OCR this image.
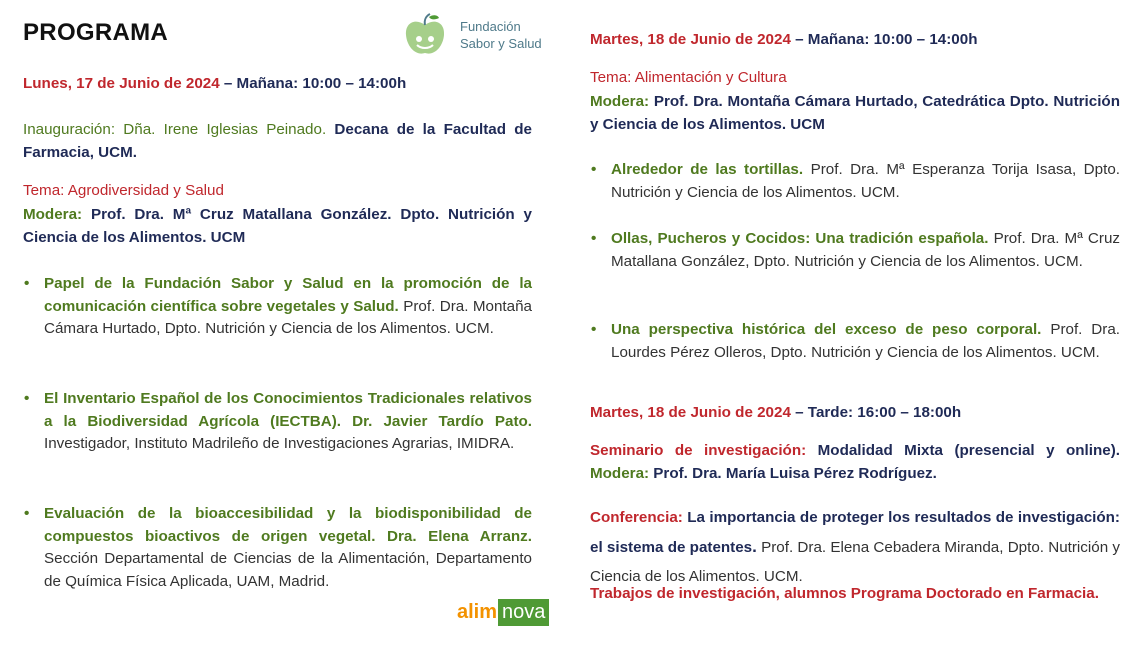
PROGRAMA	Fundación
Sabor y Salud
Lunes, 17 de Junio de 2024 – Mañana: 10:00 – 14:00h
Inauguración: Dña. Irene Iglesias Peinado. Decana de la Facultad de Farmacia, UCM.
Tema: Agrodiversidad y Salud
Modera: Prof. Dra. Mª Cruz Matallana González. Dpto. Nutrición y Ciencia de los Alimentos. UCM
• Papel de la Fundación Sabor y Salud en la promoción de la comunicación científica sobre vegetales y Salud. Prof. Dra. Montaña Cámara Hurtado, Dpto. Nutrición y Ciencia de los Alimentos. UCM.
• El Inventario Español de los Conocimientos Tradicionales relativos a la Biodiversidad Agrícola (IECTBA). Dr. Javier Tardío Pato. Investigador, Instituto Madrileño de Investigaciones Agrarias, IMIDRA.
• Evaluación de la bioaccesibilidad y la biodisponibilidad de compuestos bioactivos de origen vegetal. Dra. Elena Arranz. Sección Departamental de Ciencias de la Alimentación, Departamento de Química Física Aplicada, UAM, Madrid.
alim nova
Martes, 18 de Junio de 2024 – Mañana: 10:00 – 14:00h
Tema: Alimentación y Cultura
Modera: Prof. Dra. Montaña Cámara Hurtado, Catedrática Dpto. Nutrición y Ciencia de los Alimentos. UCM
• Alrededor de las tortillas. Prof. Dra. Mª Esperanza Torija Isasa, Dpto. Nutrición y Ciencia de los Alimentos. UCM.
• Ollas, Pucheros y Cocidos: Una tradición española. Prof. Dra. Mª Cruz Matallana González, Dpto. Nutrición y Ciencia de los Alimentos. UCM.
• Una perspectiva histórica del exceso de peso corporal. Prof. Dra. Lourdes Pérez Olleros, Dpto. Nutrición y Ciencia de los Alimentos. UCM.
Martes, 18 de Junio de 2024 – Tarde: 16:00 – 18:00h
Seminario de investigación: Modalidad Mixta (presencial y online). Modera: Prof. Dra. María Luisa Pérez Rodríguez.
Conferencia: La importancia de proteger los resultados de investigación: el sistema de patentes. Prof. Dra. Elena Cebadera Miranda, Dpto. Nutrición y Ciencia de los Alimentos. UCM.
Trabajos de investigación, alumnos Programa Doctorado en Farmacia.
